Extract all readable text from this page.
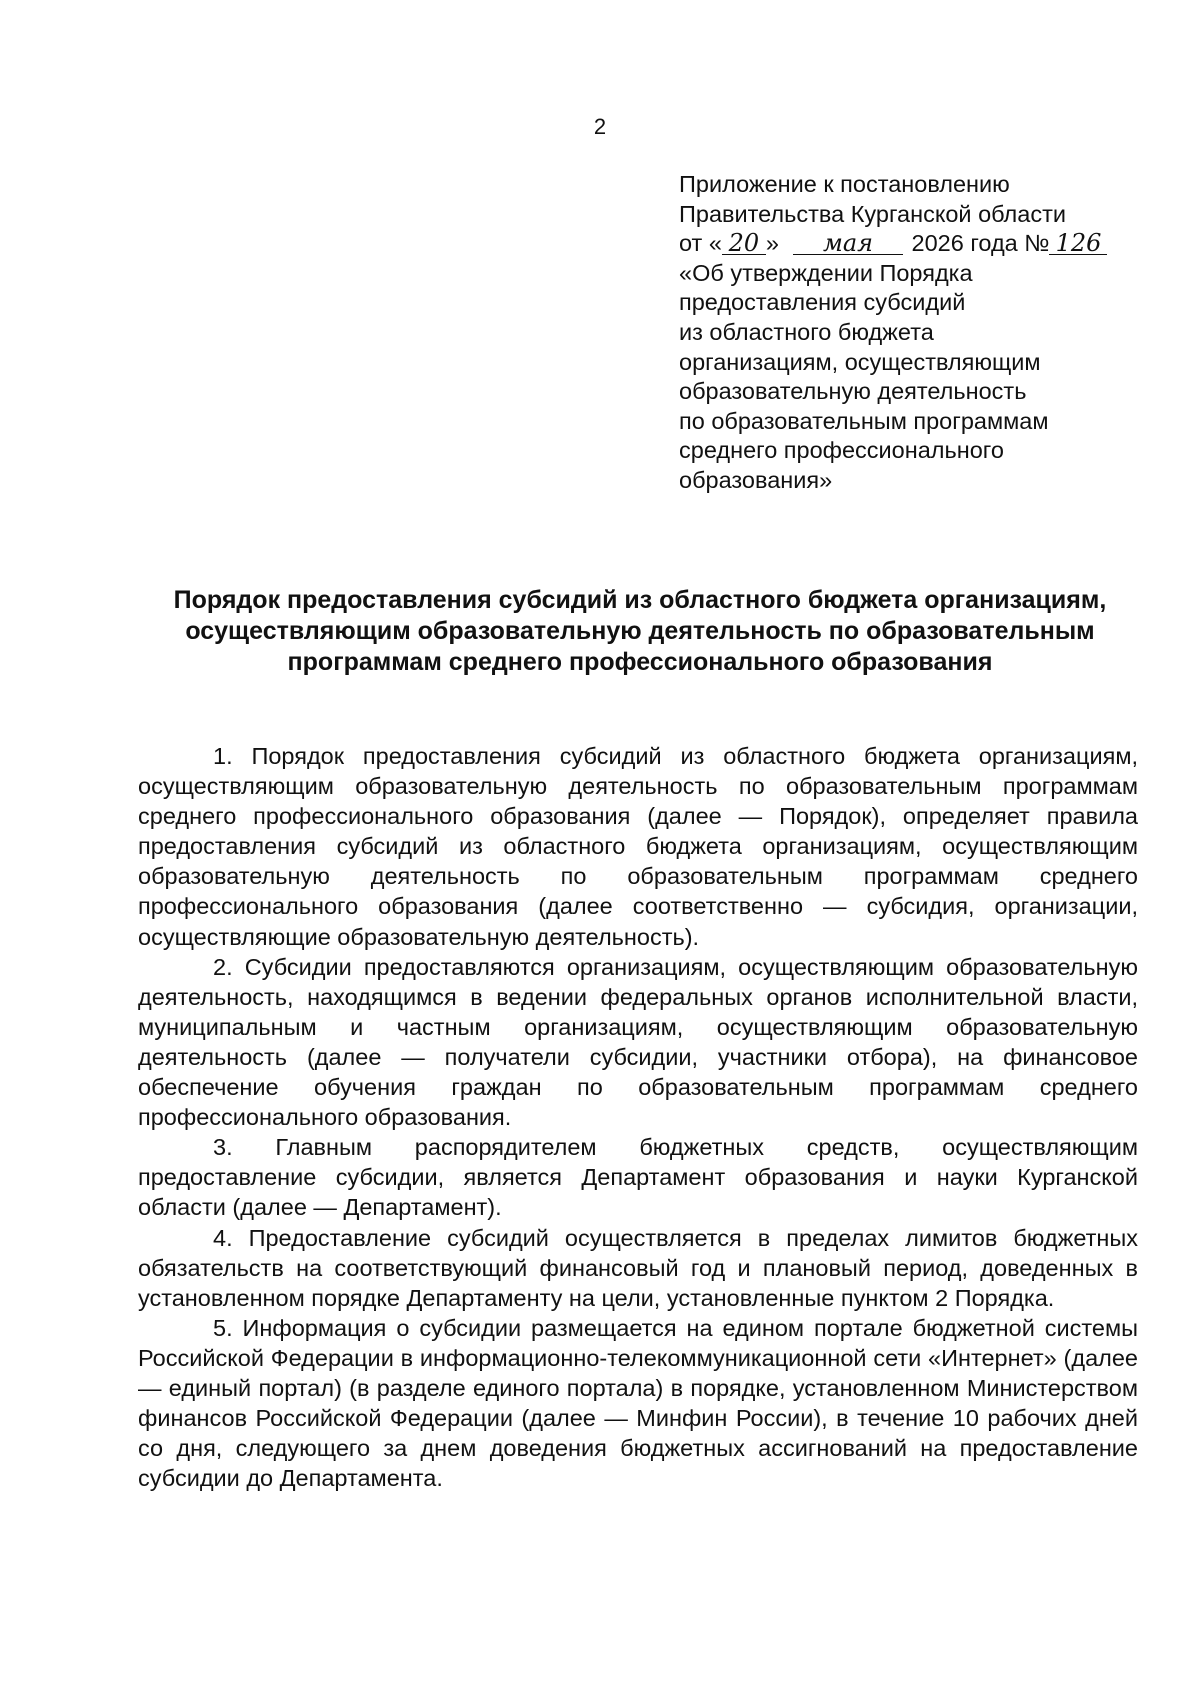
2
Приложение к постановлению
Правительства Курганской области
от « 20 » мая 2026 года № 126
«Об утверждении Порядка
предоставления субсидий
из областного бюджета
организациям, осуществляющим
образовательную деятельность
по образовательным программам
среднего профессионального
образования»
Порядок предоставления субсидий из областного бюджета организациям,
осуществляющим образовательную деятельность по образовательным
программам среднего профессионального образования

1. Порядок предоставления субсидий из областного бюджета организациям, осуществляющим образовательную деятельность по образовательным программам среднего профессионального образования (далее — Порядок), определяет правила предоставления субсидий из областного бюджета организациям, осуществляющим образовательную деятельность по образовательным программам среднего профессионального образования (далее соответственно — субсидия, организации, осуществляющие образовательную деятельность).

2. Субсидии предоставляются организациям, осуществляющим образовательную деятельность, находящимся в ведении федеральных органов исполнительной власти, муниципальным и частным организациям, осуществляющим образовательную деятельность (далее — получатели субсидии, участники отбора), на финансовое обеспечение обучения граждан по образовательным программам среднего профессионального образования.

3. Главным распорядителем бюджетных средств, осуществляющим предоставление субсидии, является Департамент образования и науки Курганской области (далее — Департамент).

4. Предоставление субсидий осуществляется в пределах лимитов бюджетных обязательств на соответствующий финансовый год и плановый период, доведенных в установленном порядке Департаменту на цели, установленные пунктом 2 Порядка.

5. Информация о субсидии размещается на едином портале бюджетной системы Российской Федерации в информационно-телекоммуникационной сети «Интернет» (далее — единый портал) (в разделе единого портала) в порядке, установленном Министерством финансов Российской Федерации (далее — Минфин России), в течение 10 рабочих дней со дня, следующего за днем доведения бюджетных ассигнований на предоставление субсидии до Департамента.
